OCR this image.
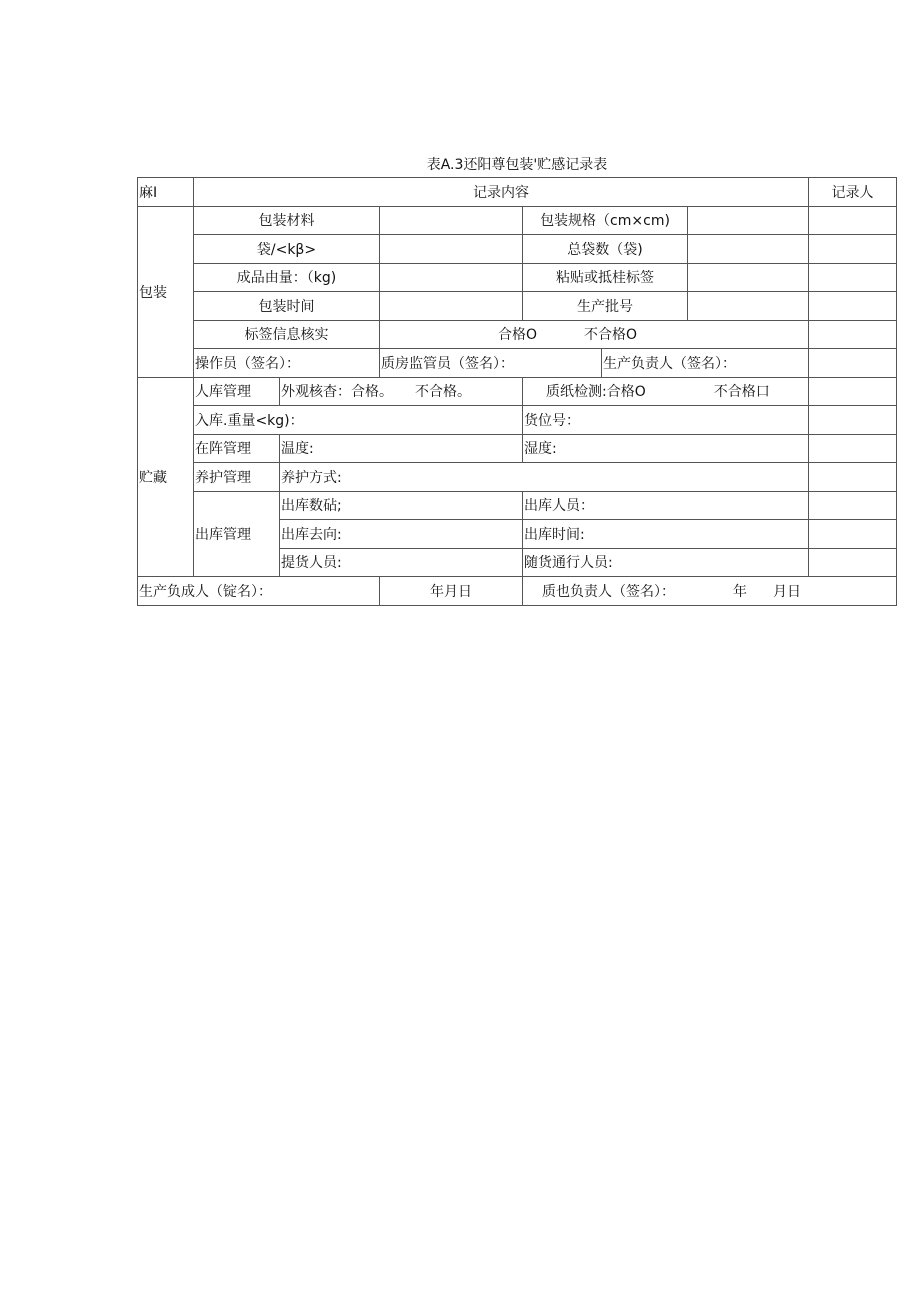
表A.3还阳尊包装'贮感记录表
麻I	记录内容						记录人
包装	包装材料			包装规格（cm×cm)			
	袋/<kβ>			总袋数（袋)			
	成品由量：（kg)			粘贴或抵桂标签			
	包装时间			生产批号			
	标签信息核实		合格O 不合格O				
	操作员（签名）：		质房监管员（签名）：		生产负责人（签名）：		
贮藏	人库管理	外观核杳：合格。 不合格。		质纸检测:合格O 不合格口			
	入库.重量<kg)：			货位号：			
	在阵管理	温度:		湿度:			
	养护管理	养护方式:					
	出库管理	出库数砧;		出库人员：			
		出库去向:		出库时间:			
		提货人员:		随货通行人员:			
生产负成人（锭名）：			年月日	质也负责人（签名）： 年 月日			
